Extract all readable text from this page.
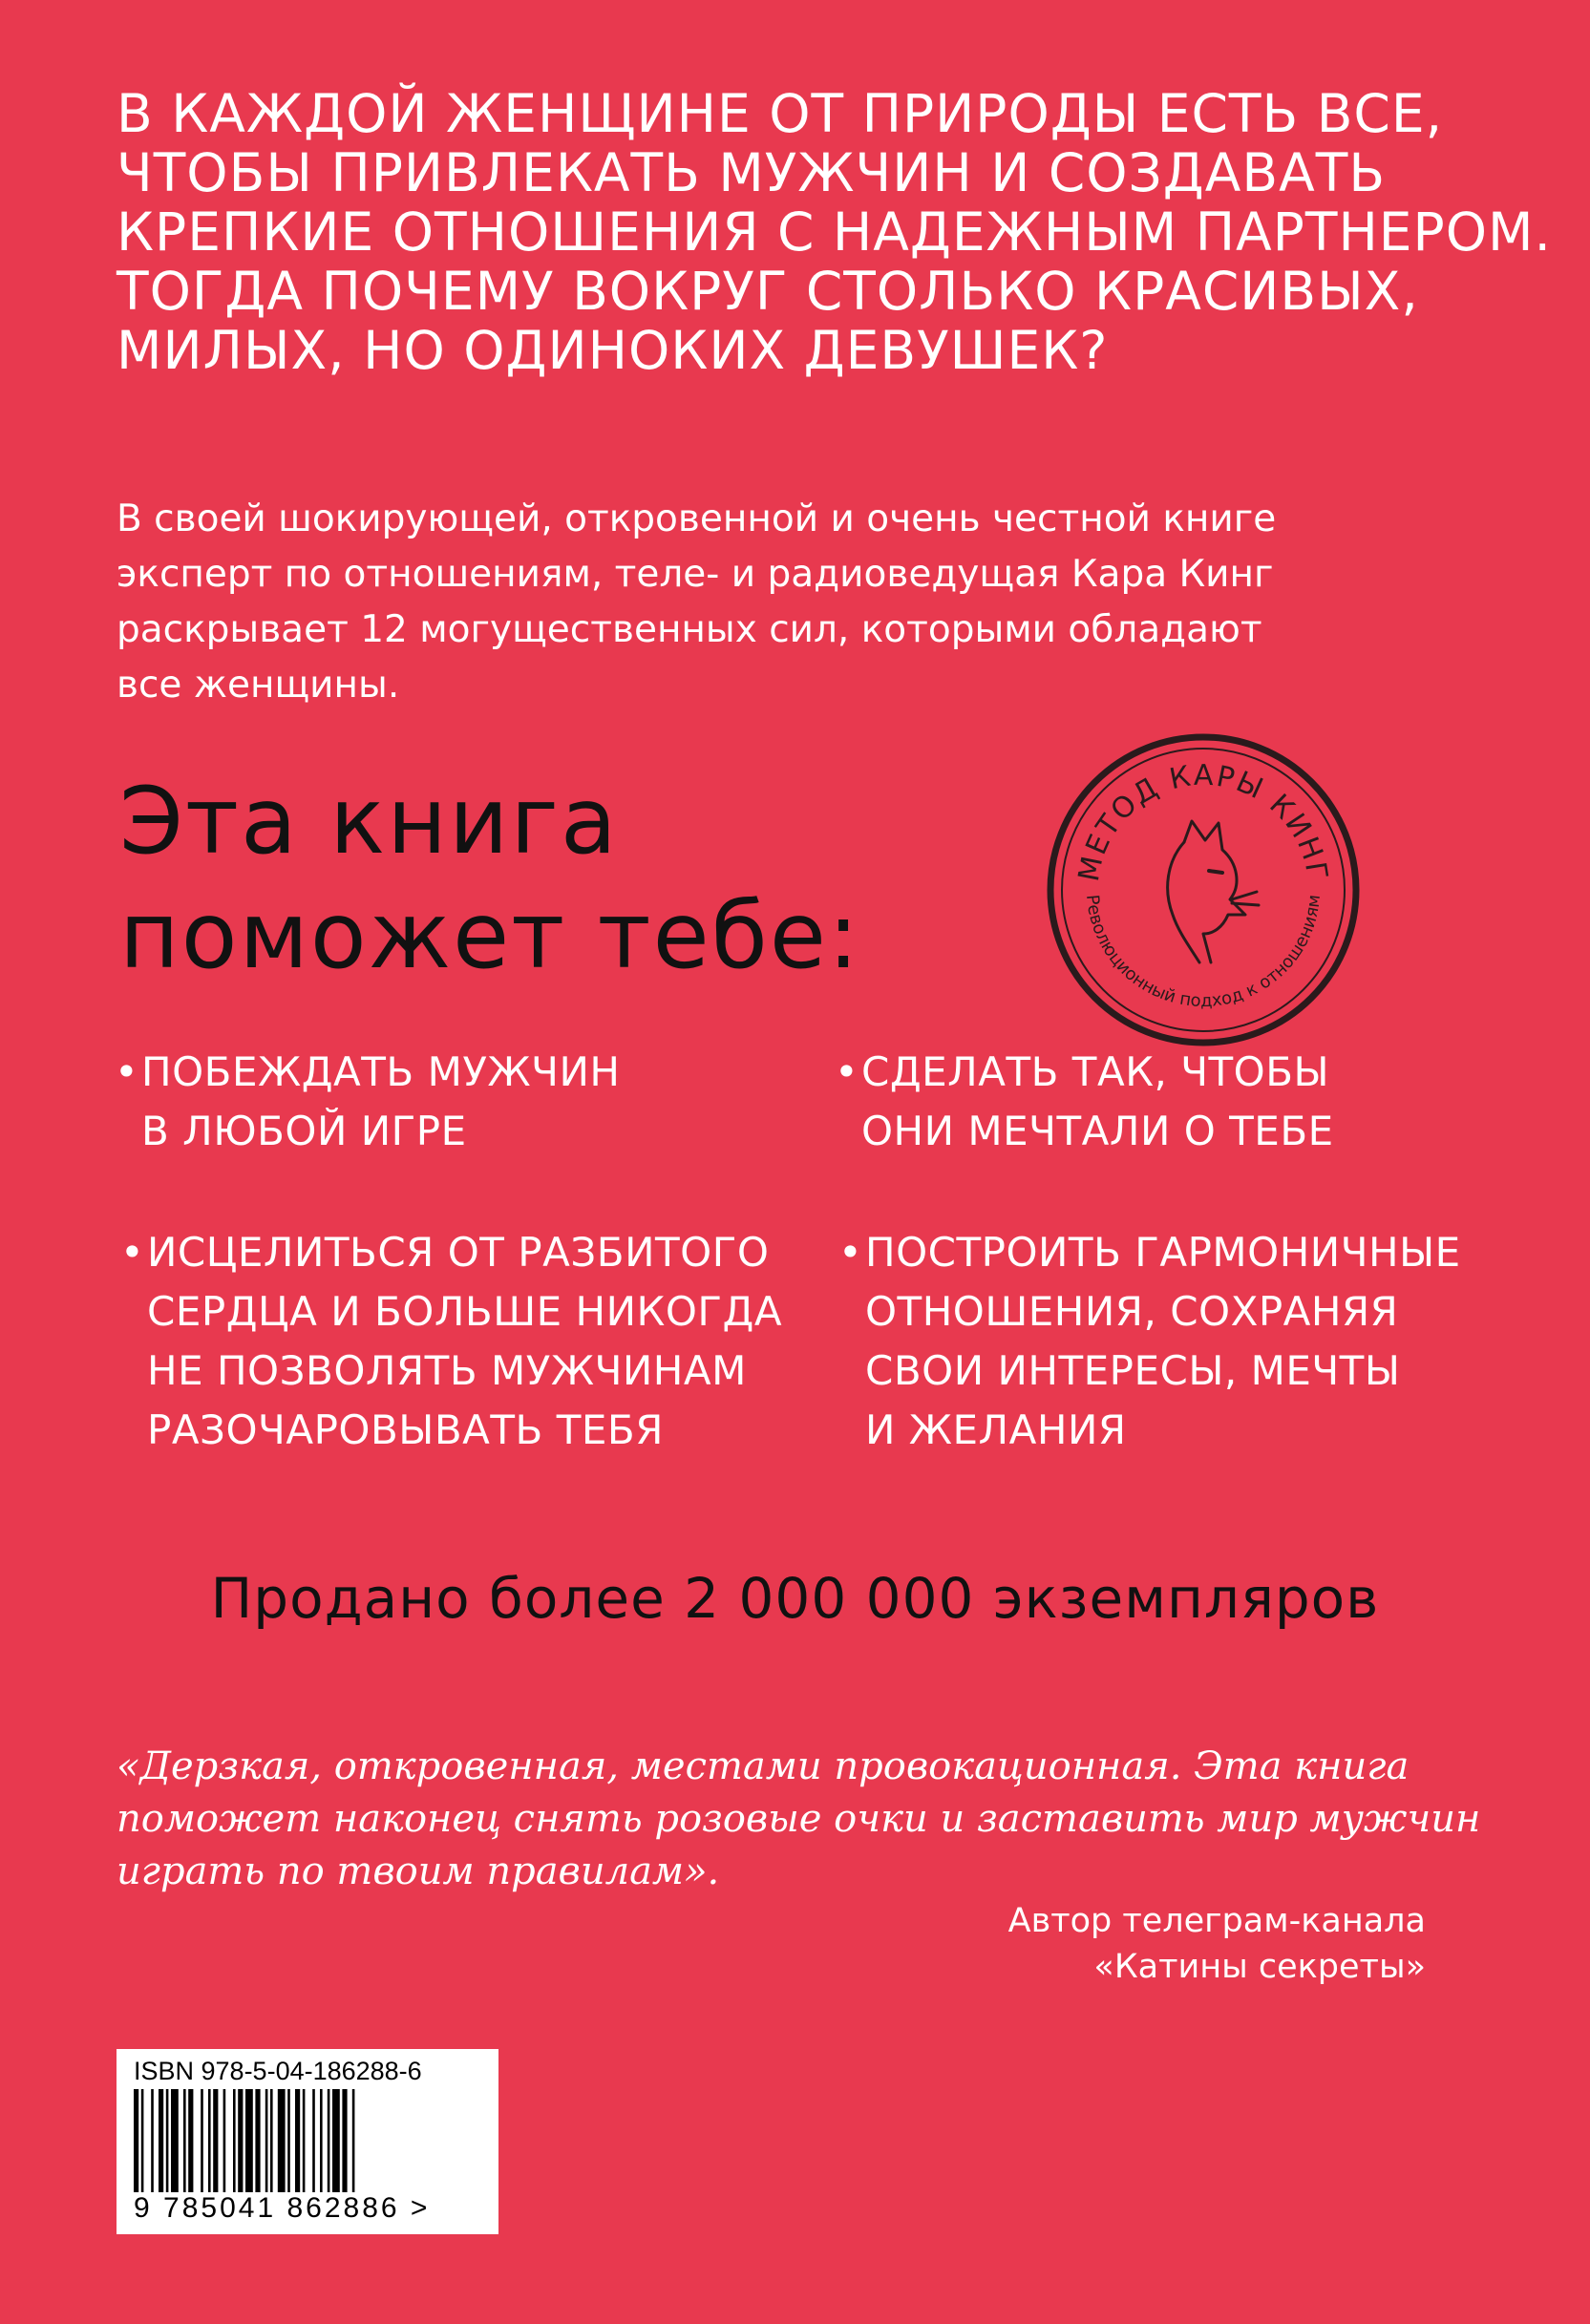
В КАЖДОЙ ЖЕНЩИНЕ ОТ ПРИРОДЫ ЕСТЬ ВСЕ,
ЧТОБЫ ПРИВЛЕКАТЬ МУЖЧИН И СОЗДАВАТЬ
КРЕПКИЕ ОТНОШЕНИЯ С НАДЕЖНЫМ ПАРТНЕРОМ.
ТОГДА ПОЧЕМУ ВОКРУГ СТОЛЬКО КРАСИВЫХ,
МИЛЫХ, НО ОДИНОКИХ ДЕВУШЕК?
В своей шокирующей, откровенной и очень честной книге
эксперт по отношениям, теле- и радиоведущая Кара Кинг
раскрывает 12 могущественных сил, которыми обладают
все женщины.
Эта книга
поможет тебе:
МЕТОД КАРЫ КИНГ
Революционный подход к отношениям
• ПОБЕЖДАТЬ МУЖЧИН
В ЛЮБОЙ ИГРЕ
• СДЕЛАТЬ ТАК, ЧТОБЫ
ОНИ МЕЧТАЛИ О ТЕБЕ
• ИСЦЕЛИТЬСЯ ОТ РАЗБИТОГО
СЕРДЦА И БОЛЬШЕ НИКОГДА
НЕ ПОЗВОЛЯТЬ МУЖЧИНАМ
РАЗОЧАРОВЫВАТЬ ТЕБЯ
• ПОСТРОИТЬ ГАРМОНИЧНЫЕ
ОТНОШЕНИЯ, СОХРАНЯЯ
СВОИ ИНТЕРЕСЫ, МЕЧТЫ
И ЖЕЛАНИЯ
Продано более 2 000 000 экземпляров
«Дерзкая, откровенная, местами провокационная. Эта книга
поможет наконец снять розовые очки и заставить мир мужчин
играть по твоим правилам».
Автор телеграм-канала
«Катины секреты»
ISBN 978-5-04-186288-6
9 785041 862886 >
